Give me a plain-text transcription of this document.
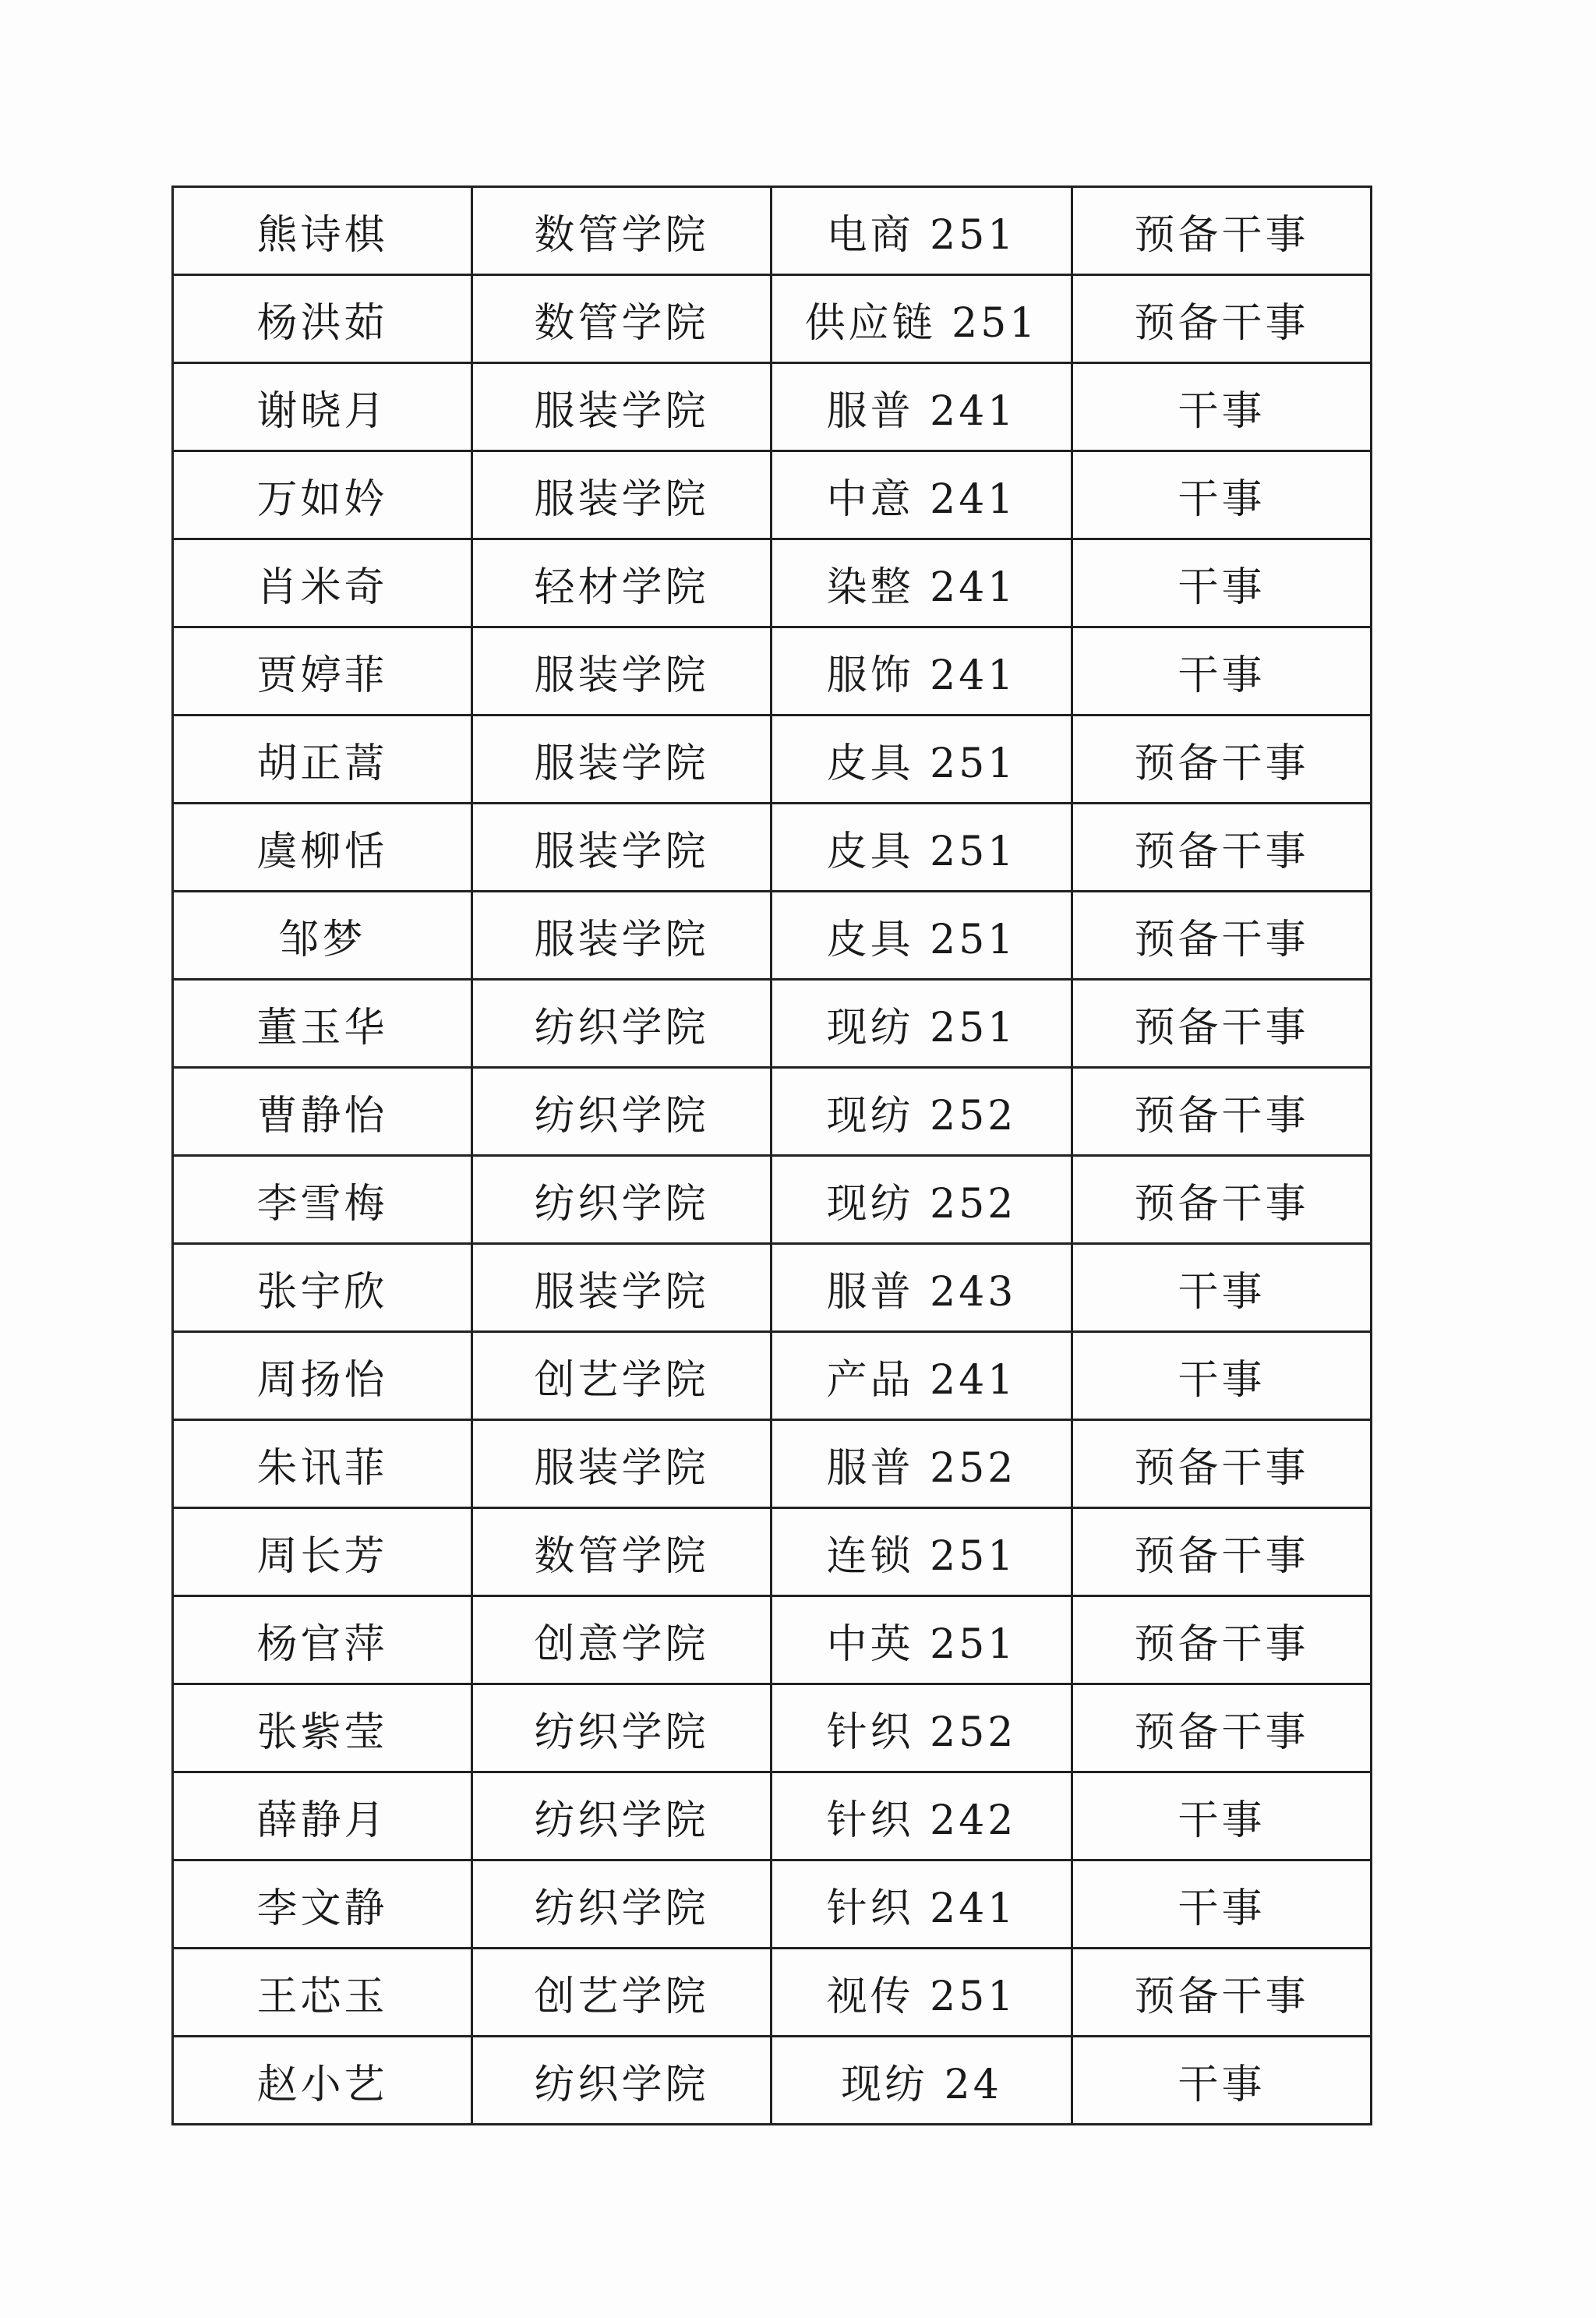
熊诗棋	数管学院	电商 251	预备干事
杨洪茹	数管学院	供应链 251	预备干事
谢晓月	服装学院	服普 241	干事
万如妗	服装学院	中意 241	干事
肖米奇	轻材学院	染整 241	干事
贾婷菲	服装学院	服饰 241	干事
胡正蒿	服装学院	皮具 251	预备干事
虞柳恬	服装学院	皮具 251	预备干事
邹梦	服装学院	皮具 251	预备干事
董玉华	纺织学院	现纺 251	预备干事
曹静怡	纺织学院	现纺 252	预备干事
李雪梅	纺织学院	现纺 252	预备干事
张宇欣	服装学院	服普 243	干事
周扬怡	创艺学院	产品 241	干事
朱讯菲	服装学院	服普 252	预备干事
周长芳	数管学院	连锁 251	预备干事
杨官萍	创意学院	中英 251	预备干事
张紫莹	纺织学院	针织 252	预备干事
薛静月	纺织学院	针织 242	干事
李文静	纺织学院	针织 241	干事
王芯玉	创艺学院	视传 251	预备干事
赵小艺	纺织学院	现纺 24	干事
